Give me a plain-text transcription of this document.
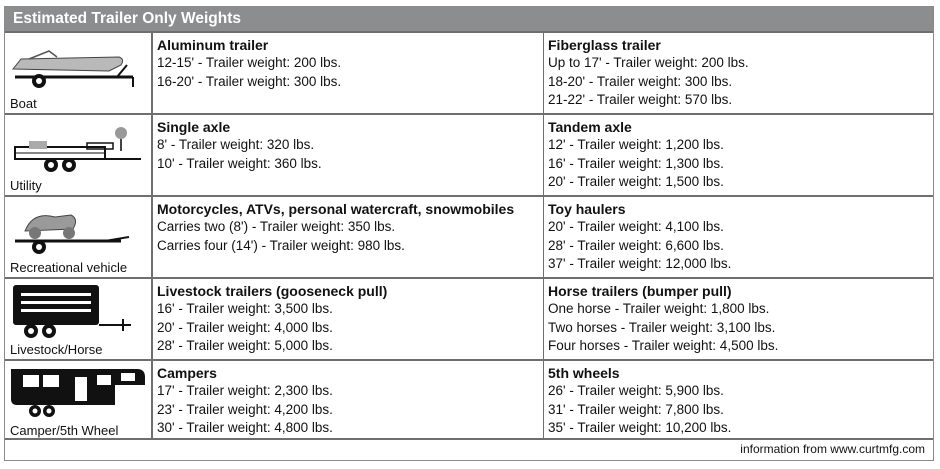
Estimated Trailer Only Weights
Boat
Aluminum trailer
12-15' - Trailer weight: 200 lbs.
16-20' - Trailer weight: 300 lbs.
Fiberglass trailer
Up to 17' - Trailer weight: 200 lbs.
18-20' - Trailer weight: 300 lbs.
21-22' - Trailer weight: 570 lbs.
Utility
Single axle
8' - Trailer weight: 320 lbs.
10' - Trailer weight: 360 lbs.
Tandem axle
12' - Trailer weight: 1,200 lbs.
16' - Trailer weight: 1,300 lbs.
20' - Trailer weight: 1,500 lbs.
Recreational vehicle
Motorcycles, ATVs, personal watercraft, snowmobiles
Carries two (8') - Trailer weight: 350 lbs.
Carries four (14') - Trailer weight: 980 lbs.
Toy haulers
20' - Trailer weight: 4,100 lbs.
28' - Trailer weight: 6,600 lbs.
37' - Trailer weight: 12,000 lbs.
Livestock/Horse
Livestock trailers (gooseneck pull)
16' - Trailer weight: 3,500 lbs.
20' - Trailer weight: 4,000 lbs.
28' - Trailer weight: 5,000 lbs.
Horse trailers (bumper pull)
One horse - Trailer weight: 1,800 lbs.
Two horses - Trailer weight: 3,100 lbs.
Four horses - Trailer weight: 4,500 lbs.
Camper/5th Wheel
Campers
17' - Trailer weight: 2,300 lbs.
23' - Trailer weight: 4,200 lbs.
30' - Trailer weight: 4,800 lbs.
5th wheels
26' - Trailer weight: 5,900 lbs.
31' - Trailer weight: 7,800 lbs.
35' - Trailer weight: 10,200 lbs.
information from www.curtmfg.com
